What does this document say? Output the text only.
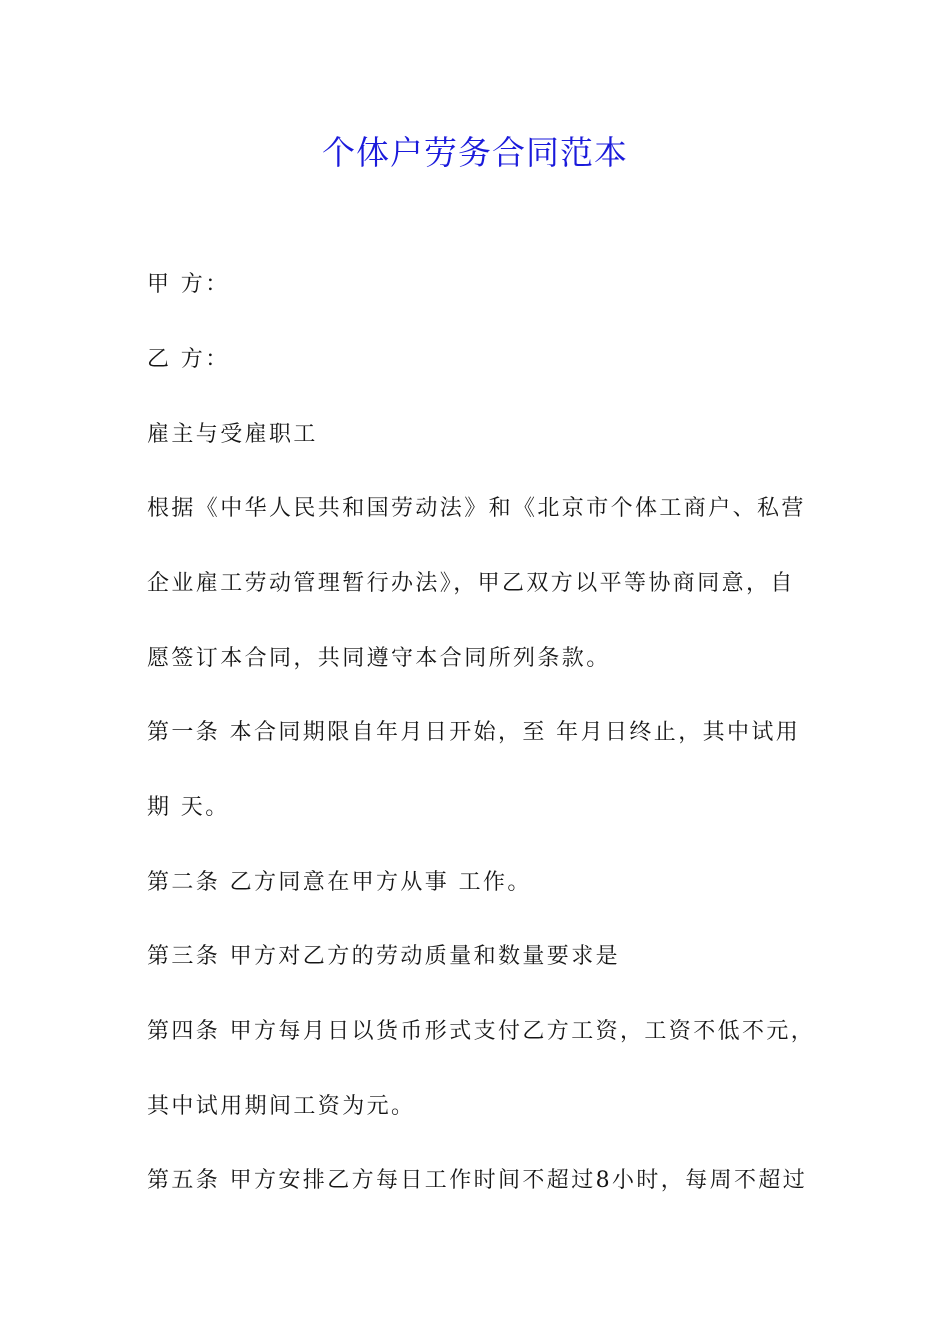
个体户劳务合同范本
甲 方：
乙 方：
雇主与受雇职工
根据《中华人民共和国劳动法》和《北京市个体工商户、私营
企业雇工劳动管理暂行办法》，甲乙双方以平等协商同意，自
愿签订本合同，共同遵守本合同所列条款。
第一条 本合同期限自年月日开始，至 年月日终止，其中试用
期 天。
第二条 乙方同意在甲方从事 工作。
第三条 甲方对乙方的劳动质量和数量要求是
第四条 甲方每月日以货币形式支付乙方工资，工资不低不元，
其中试用期间工资为元。
第五条 甲方安排乙方每日工作时间不超过8小时，每周不超过
